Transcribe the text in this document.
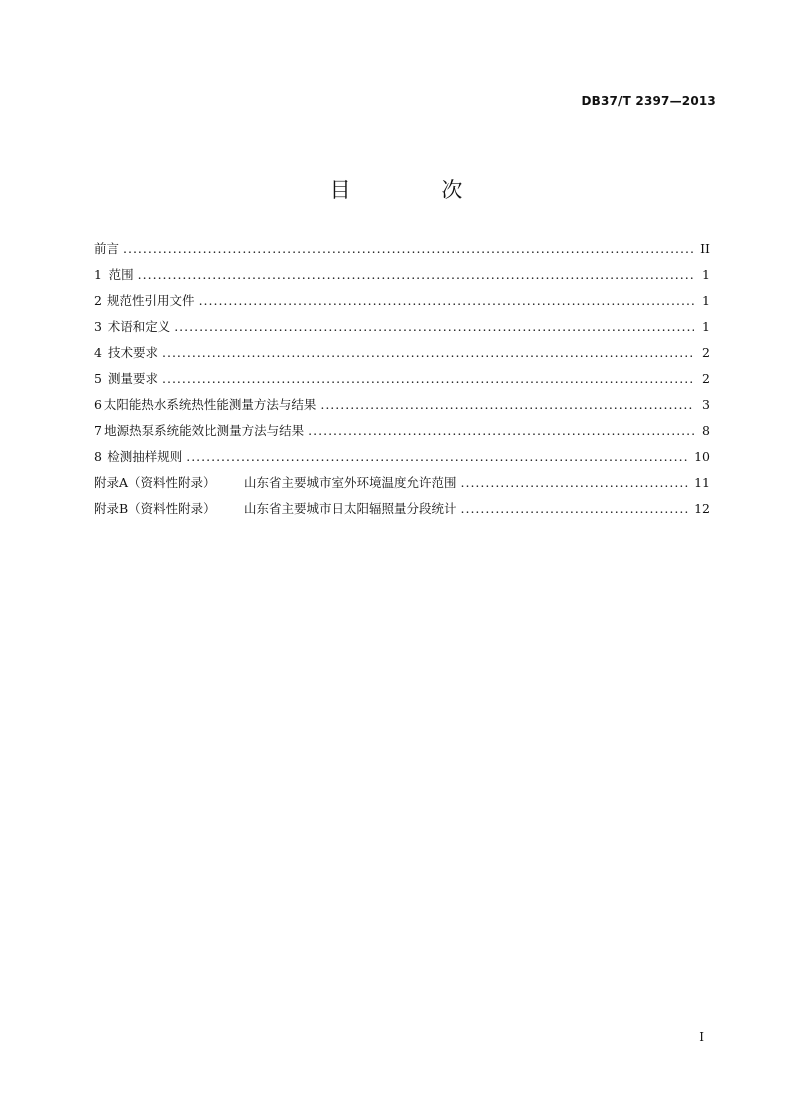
DB37/T 2397—2013
目 次
前言 .....	II
1 范围 .....	1
2 规范性引用文件 .....	1
3 术语和定义 .....	1
4 技术要求 .....	2
5 测量要求 .....	2
6 太阳能热水系统热性能测量方法与结果 .....	3
7 地源热泵系统能效比测量方法与结果 .....	8
8 检测抽样规则 .....	10
附录A（资料性附录）	山东省主要城市室外环境温度允许范围 .....	11
附录B（资料性附录）	山东省主要城市日太阳辐照量分段统计 .....	12
I
